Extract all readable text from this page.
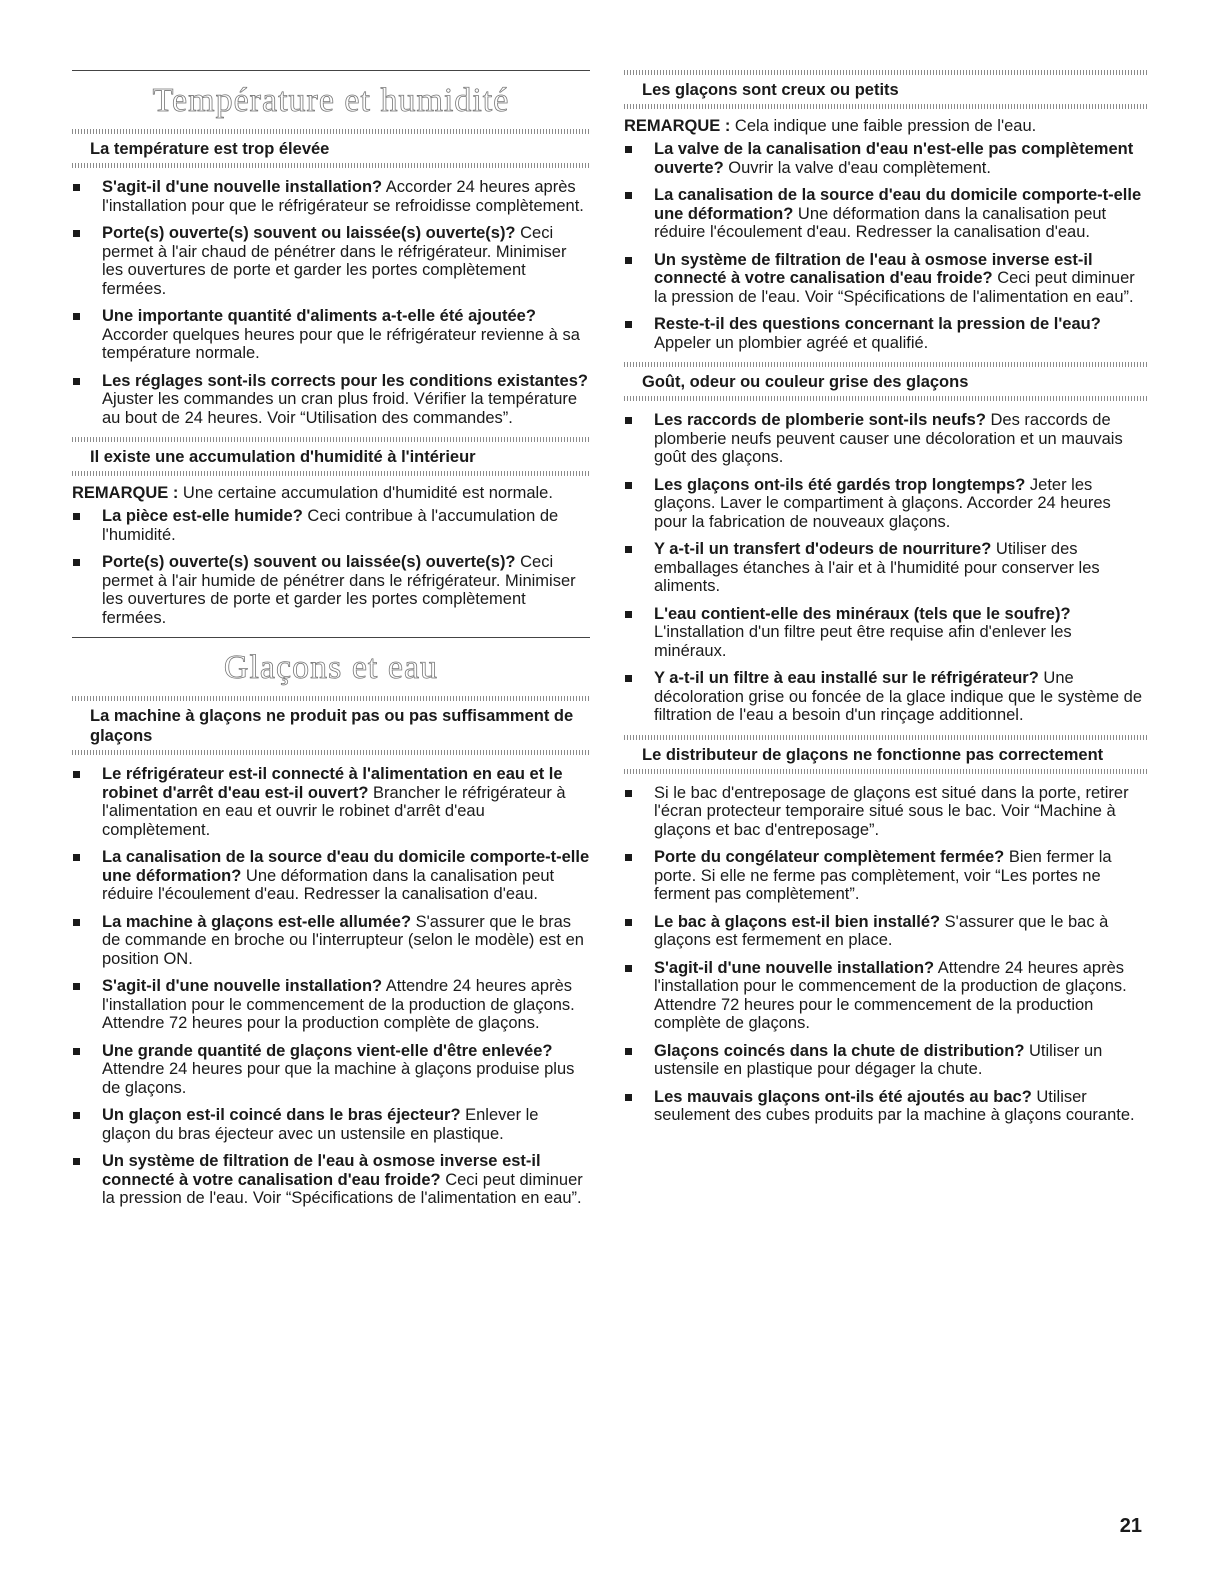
Température et humidité
La température est trop élevée
S'agit-il d'une nouvelle installation? Accorder 24 heures après l'installation pour que le réfrigérateur se refroidisse complètement.
Porte(s) ouverte(s) souvent ou laissée(s) ouverte(s)? Ceci permet à l'air chaud de pénétrer dans le réfrigérateur. Minimiser les ouvertures de porte et garder les portes complètement fermées.
Une importante quantité d'aliments a-t-elle été ajoutée? Accorder quelques heures pour que le réfrigérateur revienne à sa température normale.
Les réglages sont-ils corrects pour les conditions existantes? Ajuster les commandes un cran plus froid. Vérifier la température au bout de 24 heures. Voir “Utilisation des commandes”.
Il existe une accumulation d'humidité à l'intérieur
REMARQUE : Une certaine accumulation d'humidité est normale.
La pièce est-elle humide? Ceci contribue à l'accumulation de l'humidité.
Porte(s) ouverte(s) souvent ou laissée(s) ouverte(s)? Ceci permet à l'air humide de pénétrer dans le réfrigérateur. Minimiser les ouvertures de porte et garder les portes complètement fermées.
Glaçons et eau
La machine à glaçons ne produit pas ou pas suffisamment de glaçons
Le réfrigérateur est-il connecté à l'alimentation en eau et le robinet d'arrêt d'eau est-il ouvert? Brancher le réfrigérateur à l'alimentation en eau et ouvrir le robinet d'arrêt d'eau complètement.
La canalisation de la source d'eau du domicile comporte-t-elle une déformation? Une déformation dans la canalisation peut réduire l'écoulement d'eau. Redresser la canalisation d'eau.
La machine à glaçons est-elle allumée? S'assurer que le bras de commande en broche ou l'interrupteur (selon le modèle) est en position ON.
S'agit-il d'une nouvelle installation? Attendre 24 heures après l'installation pour le commencement de la production de glaçons. Attendre 72 heures pour la production complète de glaçons.
Une grande quantité de glaçons vient-elle d'être enlevée? Attendre 24 heures pour que la machine à glaçons produise plus de glaçons.
Un glaçon est-il coincé dans le bras éjecteur? Enlever le glaçon du bras éjecteur avec un ustensile en plastique.
Un système de filtration de l'eau à osmose inverse est-il connecté à votre canalisation d'eau froide? Ceci peut diminuer la pression de l'eau. Voir “Spécifications de l'alimentation en eau”.
Les glaçons sont creux ou petits
REMARQUE : Cela indique une faible pression de l'eau.
La valve de la canalisation d'eau n'est-elle pas complètement ouverte? Ouvrir la valve d'eau complètement.
La canalisation de la source d'eau du domicile comporte-t-elle une déformation? Une déformation dans la canalisation peut réduire l'écoulement d'eau. Redresser la canalisation d'eau.
Un système de filtration de l'eau à osmose inverse est-il connecté à votre canalisation d'eau froide? Ceci peut diminuer la pression de l'eau. Voir “Spécifications de l'alimentation en eau”.
Reste-t-il des questions concernant la pression de l'eau? Appeler un plombier agréé et qualifié.
Goût, odeur ou couleur grise des glaçons
Les raccords de plomberie sont-ils neufs? Des raccords de plomberie neufs peuvent causer une décoloration et un mauvais goût des glaçons.
Les glaçons ont-ils été gardés trop longtemps? Jeter les glaçons. Laver le compartiment à glaçons. Accorder 24 heures pour la fabrication de nouveaux glaçons.
Y a-t-il un transfert d'odeurs de nourriture? Utiliser des emballages étanches à l'air et à l'humidité pour conserver les aliments.
L'eau contient-elle des minéraux (tels que le soufre)? L'installation d'un filtre peut être requise afin d'enlever les minéraux.
Y a-t-il un filtre à eau installé sur le réfrigérateur? Une décoloration grise ou foncée de la glace indique que le système de filtration de l'eau a besoin d'un rinçage additionnel.
Le distributeur de glaçons ne fonctionne pas correctement
Si le bac d'entreposage de glaçons est situé dans la porte, retirer l'écran protecteur temporaire situé sous le bac. Voir “Machine à glaçons et bac d'entreposage”.
Porte du congélateur complètement fermée? Bien fermer la porte. Si elle ne ferme pas complètement, voir “Les portes ne ferment pas complètement”.
Le bac à glaçons est-il bien installé? S'assurer que le bac à glaçons est fermement en place.
S'agit-il d'une nouvelle installation? Attendre 24 heures après l'installation pour le commencement de la production de glaçons. Attendre 72 heures pour le commencement de la production complète de glaçons.
Glaçons coincés dans la chute de distribution? Utiliser un ustensile en plastique pour dégager la chute.
Les mauvais glaçons ont-ils été ajoutés au bac? Utiliser seulement des cubes produits par la machine à glaçons courante.
21
